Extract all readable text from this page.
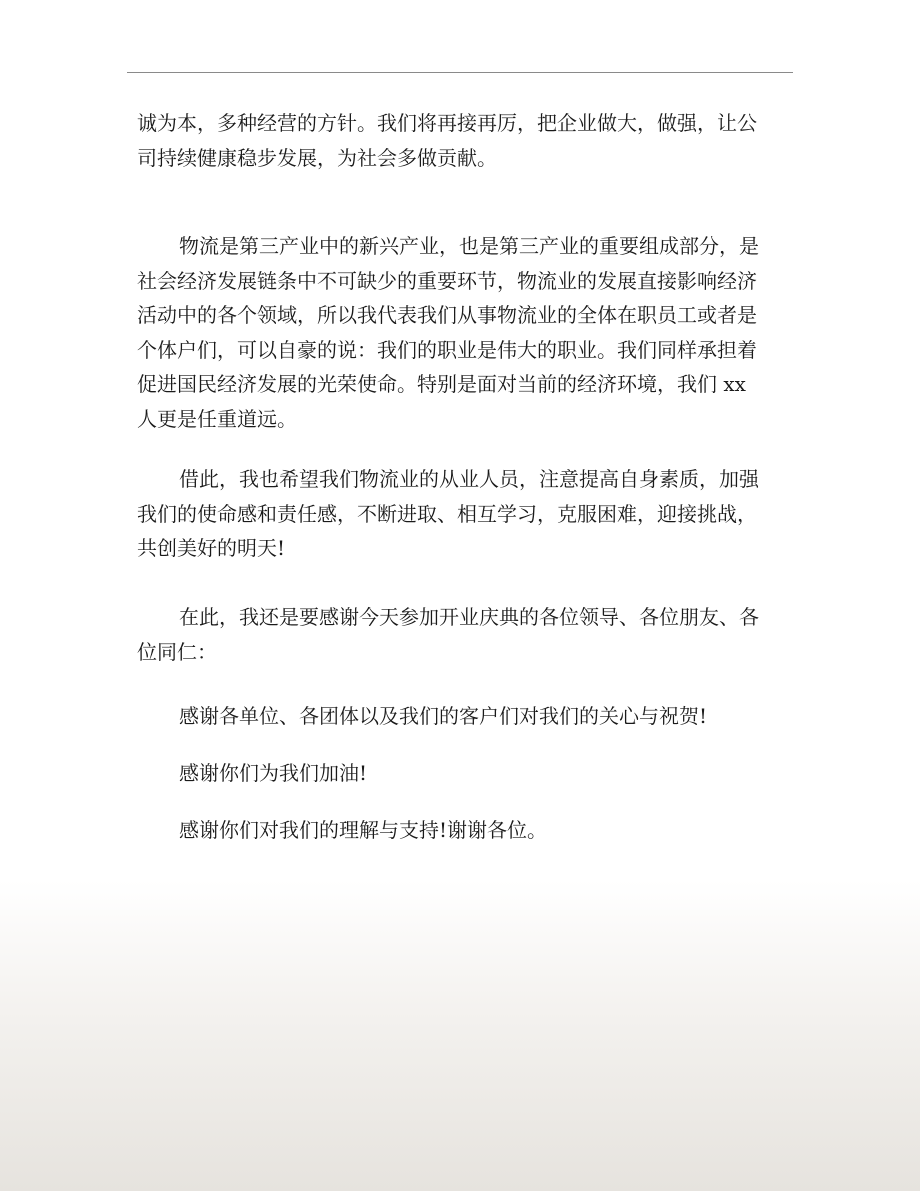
诚为本，多种经营的方针。我们将再接再厉，把企业做大，做强，让公
司持续健康稳步发展，为社会多做贡献。
物流是第三产业中的新兴产业，也是第三产业的重要组成部分，是
社会经济发展链条中不可缺少的重要环节，物流业的发展直接影响经济
活动中的各个领域，所以我代表我们从事物流业的全体在职员工或者是
个体户们，可以自豪的说：我们的职业是伟大的职业。我们同样承担着
促进国民经济发展的光荣使命。特别是面对当前的经济环境，我们 xx
人更是任重道远。
借此，我也希望我们物流业的从业人员，注意提高自身素质，加强
我们的使命感和责任感，不断进取、相互学习，克服困难，迎接挑战，
共创美好的明天!
在此，我还是要感谢今天参加开业庆典的各位领导、各位朋友、各
位同仁：
感谢各单位、各团体以及我们的客户们对我们的关心与祝贺!
感谢你们为我们加油!
感谢你们对我们的理解与支持!谢谢各位。
